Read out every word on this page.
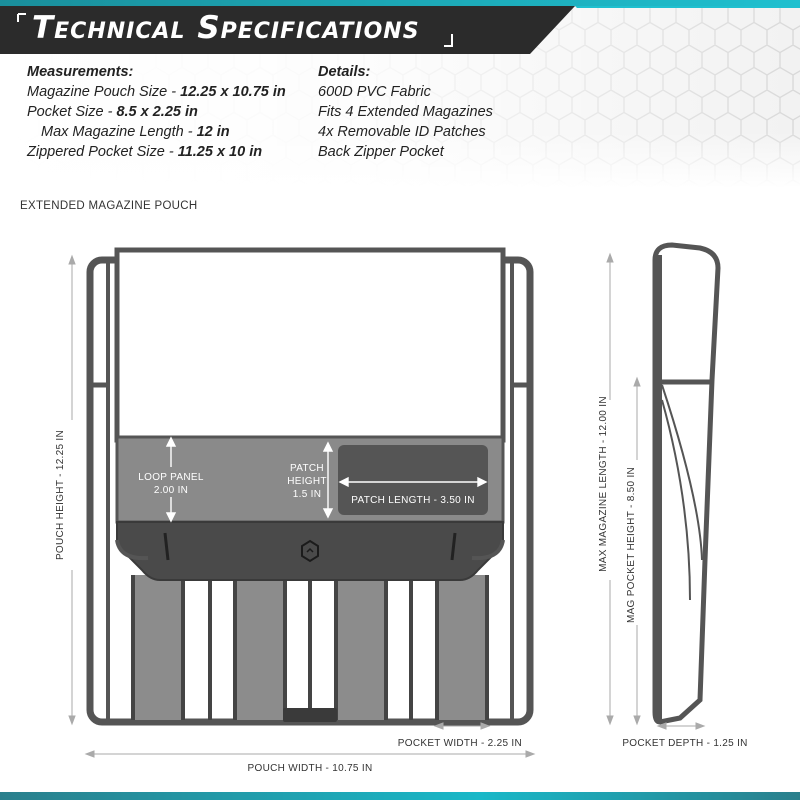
Technical Specifications
Measurements:
Magazine Pouch Size - 12.25 x 10.75 in
Pocket Size - 8.5 x 2.25 in
Max Magazine Length - 12 in
Zippered Pocket Size - 11.25 x 10 in
Details:
600D PVC Fabric
Fits 4 Extended Magazines
4x Removable ID Patches
Back Zipper Pocket
EXTENDED MAGAZINE POUCH
LOOP PANEL
2.00 IN
PATCH
HEIGHT
1.5 IN
PATCH LENGTH - 3.50 IN
POUCH HEIGHT - 12.25 IN
POUCH WIDTH - 10.75 IN
POCKET WIDTH - 2.25 IN
MAX MAGAZINE LENGTH - 12.00 IN MAG POCKET HEIGHT - 8.50 IN
POCKET DEPTH - 1.25 IN
